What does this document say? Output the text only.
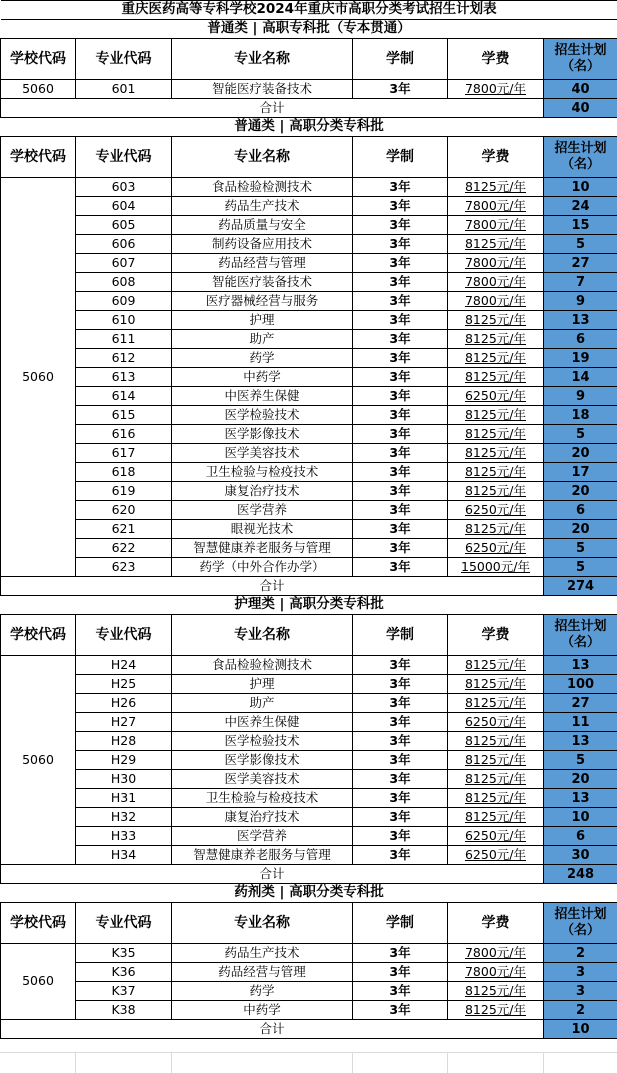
重庆医药高等专科学校2024年重庆市高职分类考试招生计划表					
普通类 | 高职专科批（专本贯通）					
学校代码	专业代码	专业名称	学制	学费	招生计划（名）
5060	601	智能医疗装备技术	3年	7800元/年	40
合计					40
普通类 | 高职分类专科批					
学校代码	专业代码	专业名称	学制	学费	招生计划（名）
5060	603	食品检验检测技术	3年	8125元/年	10
	604	药品生产技术	3年	7800元/年	24
	605	药品质量与安全	3年	7800元/年	15
	606	制药设备应用技术	3年	8125元/年	5
	607	药品经营与管理	3年	7800元/年	27
	608	智能医疗装备技术	3年	7800元/年	7
	609	医疗器械经营与服务	3年	7800元/年	9
	610	护理	3年	8125元/年	13
	611	助产	3年	8125元/年	6
	612	药学	3年	8125元/年	19
	613	中药学	3年	8125元/年	14
	614	中医养生保健	3年	6250元/年	9
	615	医学检验技术	3年	8125元/年	18
	616	医学影像技术	3年	8125元/年	5
	617	医学美容技术	3年	8125元/年	20
	618	卫生检验与检疫技术	3年	8125元/年	17
	619	康复治疗技术	3年	8125元/年	20
	620	医学营养	3年	6250元/年	6
	621	眼视光技术	3年	8125元/年	20
	622	智慧健康养老服务与管理	3年	6250元/年	5
	623	药学（中外合作办学）	3年	15000元/年	5
合计					274
护理类 | 高职分类专科批					
学校代码	专业代码	专业名称	学制	学费	招生计划（名）
5060	H24	食品检验检测技术	3年	8125元/年	13
	H25	护理	3年	8125元/年	100
	H26	助产	3年	8125元/年	27
	H27	中医养生保健	3年	6250元/年	11
	H28	医学检验技术	3年	8125元/年	13
	H29	医学影像技术	3年	8125元/年	5
	H30	医学美容技术	3年	8125元/年	20
	H31	卫生检验与检疫技术	3年	8125元/年	13
	H32	康复治疗技术	3年	8125元/年	10
	H33	医学营养	3年	6250元/年	6
	H34	智慧健康养老服务与管理	3年	6250元/年	30
合计					248
药剂类 | 高职分类专科批					
学校代码	专业代码	专业名称	学制	学费	招生计划（名）
5060	K35	药品生产技术	3年	7800元/年	2
	K36	药品经营与管理	3年	7800元/年	3
	K37	药学	3年	8125元/年	3
	K38	中药学	3年	8125元/年	2
合计					10
